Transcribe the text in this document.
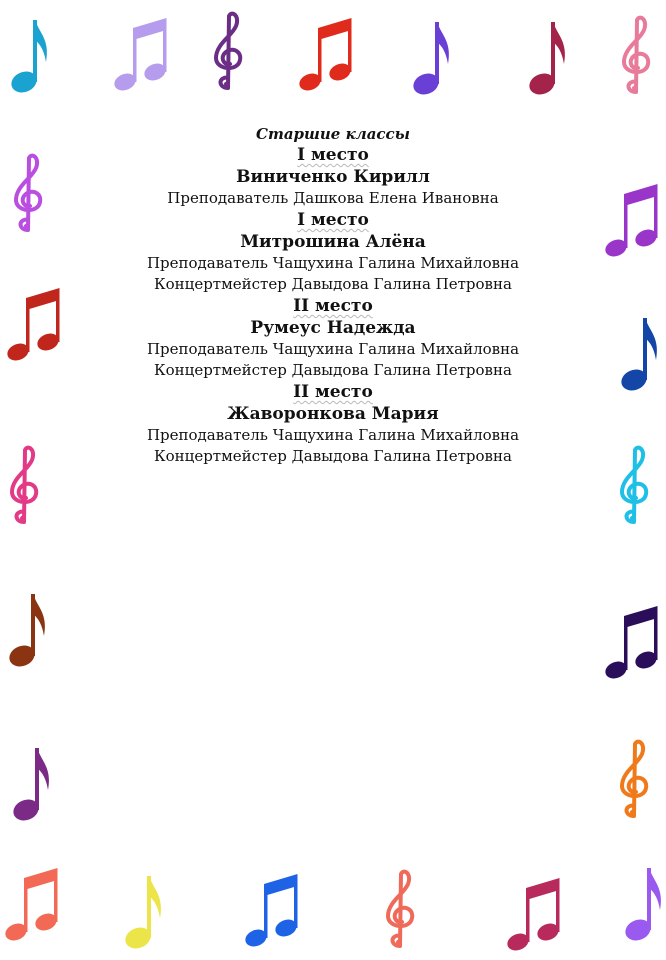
Старшие классы
I место
Виниченко Кирилл
Преподаватель Дашкова Елена Ивановна
I место
Митрошина Алёна
Преподаватель Чащухина Галина Михайловна
Концертмейстер Давыдова Галина Петровна
II место
Румеус Надежда
Преподаватель Чащухина Галина Михайловна
Концертмейстер Давыдова Галина Петровна
II место
Жаворонкова Мария
Преподаватель Чащухина Галина Михайловна
Концертмейстер Давыдова Галина Петровна
